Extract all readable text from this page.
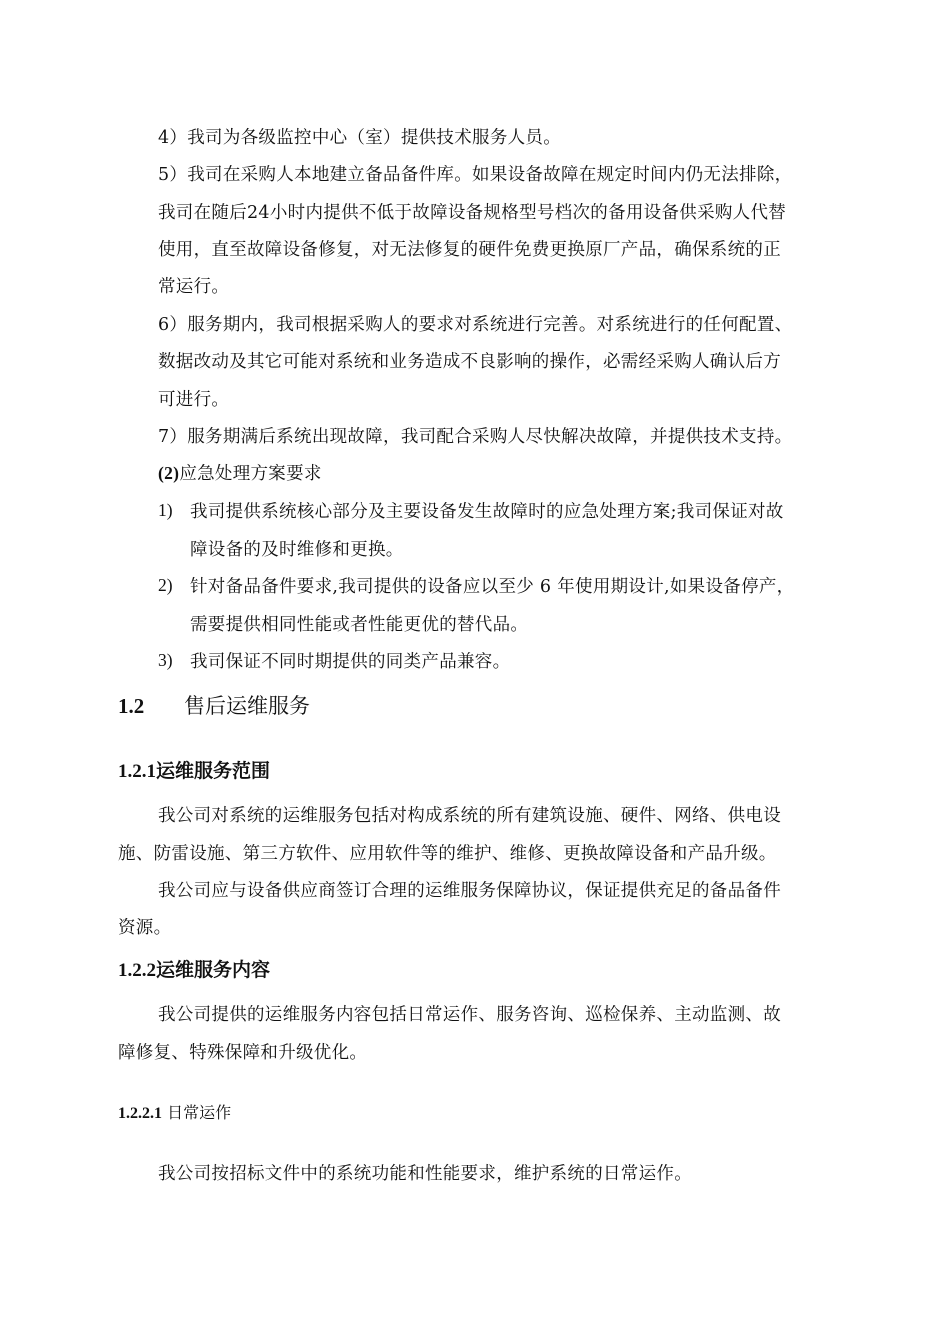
4）我司为各级监控中心（室）提供技术服务人员。
5）我司在采购人本地建立备品备件库。如果设备故障在规定时间内仍无法排除，
我司在随后24小时内提供不低于故障设备规格型号档次的备用设备供采购人代替
使用，直至故障设备修复，对无法修复的硬件免费更换原厂产品，确保系统的正
常运行。
6）服务期内，我司根据采购人的要求对系统进行完善。对系统进行的任何配置、
数据改动及其它可能对系统和业务造成不良影响的操作，必需经采购人确认后方
可进行。
7）服务期满后系统出现故障，我司配合采购人尽快解决故障，并提供技术支持。
(2)应急处理方案要求
1) 我司提供系统核心部分及主要设备发生故障时的应急处理方案;我司保证对故
障设备的及时维修和更换。
2) 针对备品备件要求,我司提供的设备应以至少 6 年使用期设计,如果设备停产，
需要提供相同性能或者性能更优的替代品。
3) 我司保证不同时期提供的同类产品兼容。
1.2 售后运维服务
1.2.1运维服务范围
我公司对系统的运维服务包括对构成系统的所有建筑设施、硬件、网络、供电设
施、防雷设施、第三方软件、应用软件等的维护、维修、更换故障设备和产品升级。
我公司应与设备供应商签订合理的运维服务保障协议，保证提供充足的备品备件
资源。
1.2.2运维服务内容
我公司提供的运维服务内容包括日常运作、服务咨询、巡检保养、主动监测、故
障修复、特殊保障和升级优化。
1.2.2.1 日常运作
我公司按招标文件中的系统功能和性能要求，维护系统的日常运作。
